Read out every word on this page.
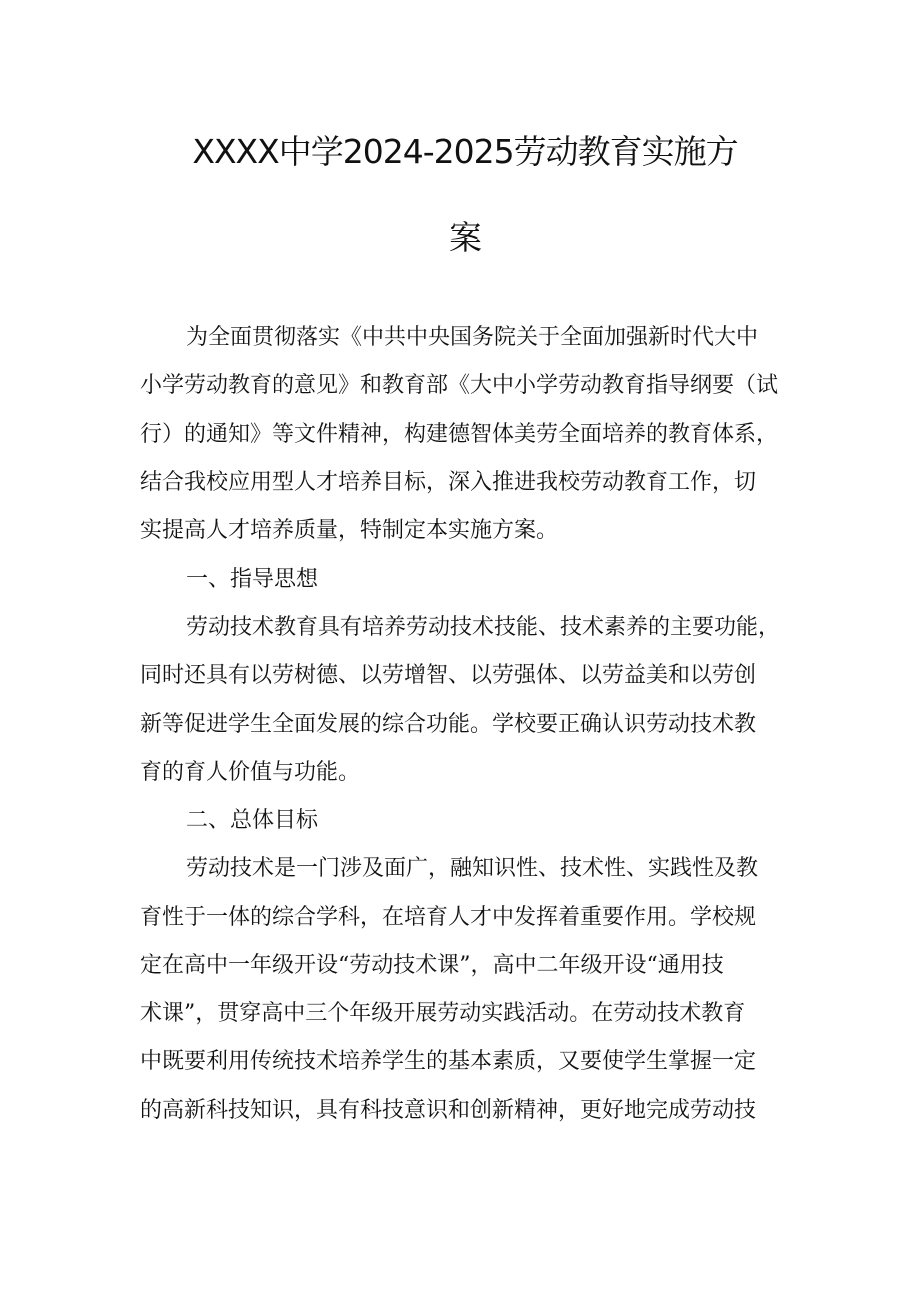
XXXX中学2024-2025劳动教育实施方
案

为全面贯彻落实《中共中央国务院关于全面加强新时代大中

小学劳动教育的意见》和教育部《大中小学劳动教育指导纲要（试

行）的通知》等文件精神，构建德智体美劳全面培养的教育体系，

结合我校应用型人才培养目标，深入推进我校劳动教育工作，切

实提高人才培养质量，特制定本实施方案。

一、指导思想

劳动技术教育具有培养劳动技术技能、技术素养的主要功能，

同时还具有以劳树德、以劳增智、以劳强体、以劳益美和以劳创

新等促进学生全面发展的综合功能。学校要正确认识劳动技术教

育的育人价值与功能。

二、总体目标

劳动技术是一门涉及面广，融知识性、技术性、实践性及教

育性于一体的综合学科，在培育人才中发挥着重要作用。学校规

定在高中一年级开设“劳动技术课”，高中二年级开设“通用技

术课”，贯穿高中三个年级开展劳动实践活动。在劳动技术教育

中既要利用传统技术培养学生的基本素质，又要使学生掌握一定

的高新科技知识，具有科技意识和创新精神，更好地完成劳动技
